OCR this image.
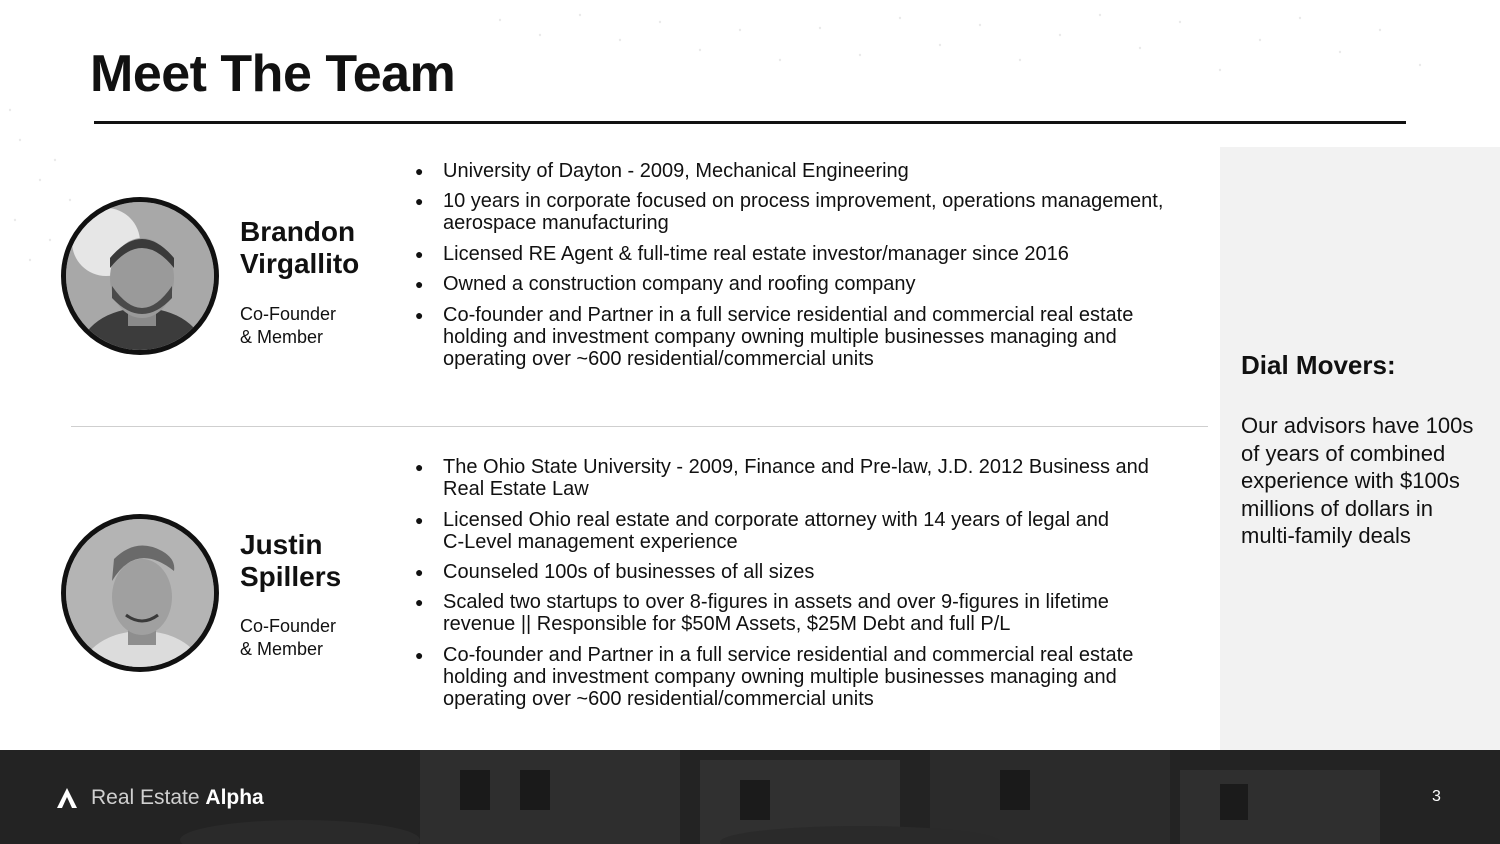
Meet The Team
Brandon
Virgallito
Co-Founder
& Member
● University of Dayton - 2009, Mechanical Engineering
● 10 years in corporate focused on process improvement, operations management,
aerospace manufacturing
● Licensed RE Agent & full-time real estate investor/manager since 2016
● Owned a construction company and roofing company
● Co-founder and Partner in a full service residential and commercial real estate
holding and investment company owning multiple businesses managing and
operating over ~600 residential/commercial units
Justin
Spillers
Co-Founder
& Member
● The Ohio State University - 2009, Finance and Pre-law, J.D. 2012 Business and
Real Estate Law
● Licensed Ohio real estate and corporate attorney with 14 years of legal and
C-Level management experience
● Counseled 100s of businesses of all sizes
● Scaled two startups to over 8-figures in assets and over 9-figures in lifetime
revenue || Responsible for $50M Assets, $25M Debt and full P/L
● Co-founder and Partner in a full service residential and commercial real estate
holding and investment company owning multiple businesses managing and
operating over ~600 residential/commercial units
Dial Movers:
Our advisors have 100s
of years of combined
experience with $100s
millions of dollars in
multi-family deals
Real Estate Alpha	3
